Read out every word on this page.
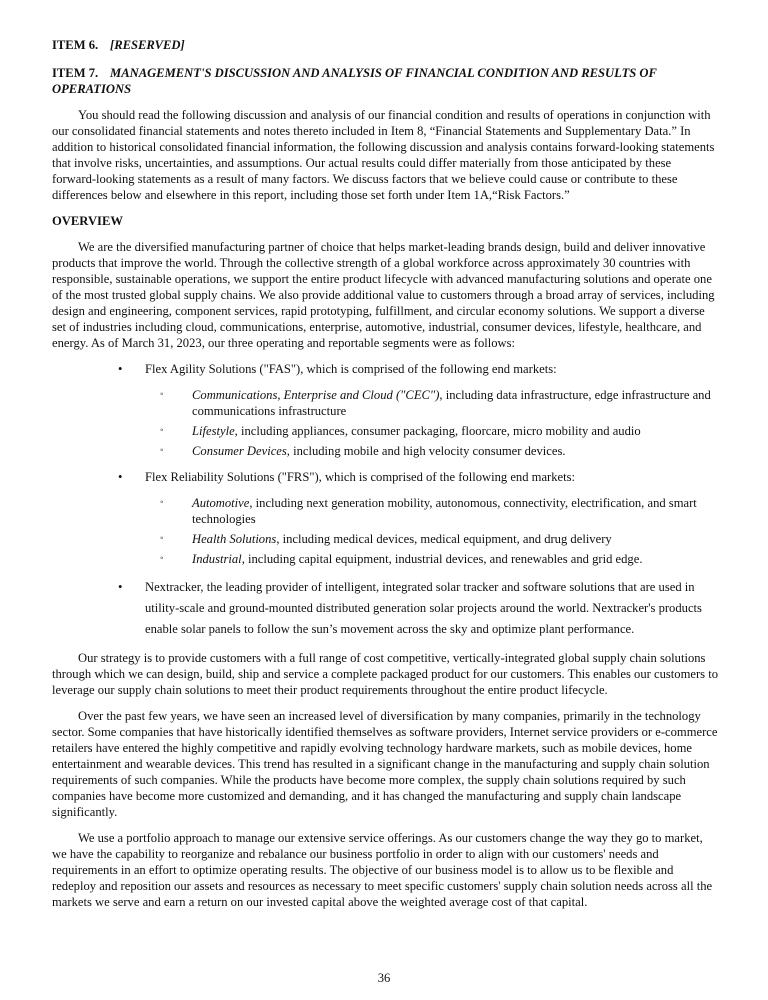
ITEM 6. [RESERVED]
ITEM 7. MANAGEMENT'S DISCUSSION AND ANALYSIS OF FINANCIAL CONDITION AND RESULTS OF OPERATIONS

You should read the following discussion and analysis of our financial condition and results of operations in conjunction with our consolidated financial statements and notes thereto included in Item 8, “Financial Statements and Supplementary Data.” In addition to historical consolidated financial information, the following discussion and analysis contains forward-looking statements that involve risks, uncertainties, and assumptions. Our actual results could differ materially from those anticipated by these forward-looking statements as a result of many factors. We discuss factors that we believe could cause or contribute to these differences below and elsewhere in this report, including those set forth under Item 1A,“Risk Factors.”

OVERVIEW

We are the diversified manufacturing partner of choice that helps market-leading brands design, build and deliver innovative products that improve the world. Through the collective strength of a global workforce across approximately 30 countries with responsible, sustainable operations, we support the entire product lifecycle with advanced manufacturing solutions and operate one of the most trusted global supply chains. We also provide additional value to customers through a broad array of services, including design and engineering, component services, rapid prototyping, fulfillment, and circular economy solutions. We support a diverse set of industries including cloud, communications, enterprise, automotive, industrial, consumer devices, lifestyle, healthcare, and energy. As of March 31, 2023, our three operating and reportable segments were as follows:

• Flex Agility Solutions ("FAS"), which is comprised of the following end markets:
◦ Communications, Enterprise and Cloud ("CEC"), including data infrastructure, edge infrastructure and communications infrastructure
◦ Lifestyle, including appliances, consumer packaging, floorcare, micro mobility and audio
◦ Consumer Devices, including mobile and high velocity consumer devices.
• Flex Reliability Solutions ("FRS"), which is comprised of the following end markets:
◦ Automotive, including next generation mobility, autonomous, connectivity, electrification, and smart technologies
◦ Health Solutions, including medical devices, medical equipment, and drug delivery
◦ Industrial, including capital equipment, industrial devices, and renewables and grid edge.
• Nextracker, the leading provider of intelligent, integrated solar tracker and software solutions that are used in utility-scale and ground-mounted distributed generation solar projects around the world. Nextracker's products enable solar panels to follow the sun’s movement across the sky and optimize plant performance.

Our strategy is to provide customers with a full range of cost competitive, vertically-integrated global supply chain solutions through which we can design, build, ship and service a complete packaged product for our customers. This enables our customers to leverage our supply chain solutions to meet their product requirements throughout the entire product lifecycle.

Over the past few years, we have seen an increased level of diversification by many companies, primarily in the technology sector. Some companies that have historically identified themselves as software providers, Internet service providers or e-commerce retailers have entered the highly competitive and rapidly evolving technology hardware markets, such as mobile devices, home entertainment and wearable devices. This trend has resulted in a significant change in the manufacturing and supply chain solution requirements of such companies. While the products have become more complex, the supply chain solutions required by such companies have become more customized and demanding, and it has changed the manufacturing and supply chain landscape significantly.

We use a portfolio approach to manage our extensive service offerings. As our customers change the way they go to market, we have the capability to reorganize and rebalance our business portfolio in order to align with our customers' needs and requirements in an effort to optimize operating results. The objective of our business model is to allow us to be flexible and redeploy and reposition our assets and resources as necessary to meet specific customers' supply chain solution needs across all the markets we serve and earn a return on our invested capital above the weighted average cost of that capital.

36
